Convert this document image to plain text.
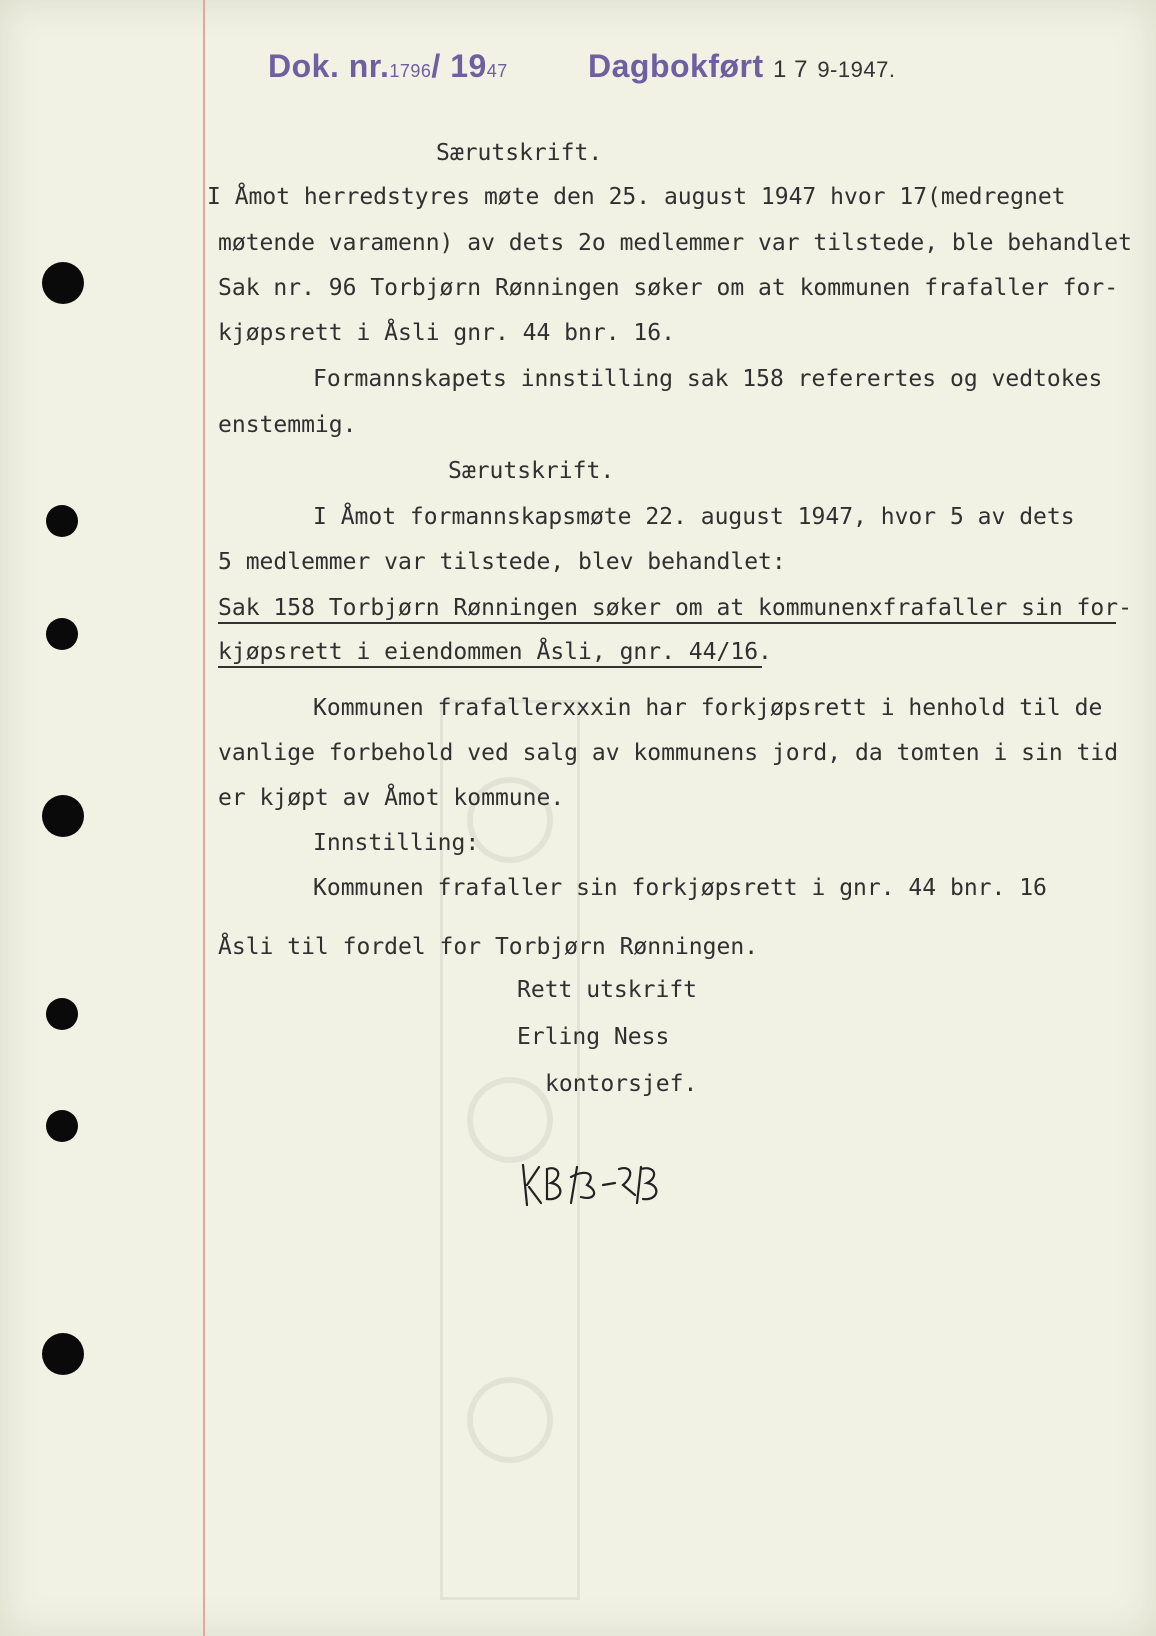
Dok. nr.1796/ 1947	Dagbokført 1 7 9-1947.
Særutskrift.
I Åmot herredstyres møte den 25. august 1947 hvor 17(medregnet
møtende varamenn) av dets 2o medlemmer var tilstede, ble behandlet
Sak nr. 96 Torbjørn Rønningen søker om at kommunen frafaller for-
kjøpsrett i Åsli gnr. 44 bnr. 16.
Formannskapets innstilling sak 158 referertes og vedtokes
enstemmig.
Særutskrift.
I Åmot formannskapsmøte 22. august 1947, hvor 5 av dets
5 medlemmer var tilstede, blev behandlet:
Sak 158 Torbjørn Rønningen søker om at kommunenxfrafaller sin for-
kjøpsrett i eiendommen Åsli, gnr. 44/16.
Kommunen frafallerxxxin har forkjøpsrett i henhold til de
vanlige forbehold ved salg av kommunens jord, da tomten i sin tid
er kjøpt av Åmot kommune.
Innstilling:
Kommunen frafaller sin forkjøpsrett i gnr. 44 bnr. 16
Åsli til fordel for Torbjørn Rønningen.
Rett utskrift
Erling Ness
kontorsjef.
